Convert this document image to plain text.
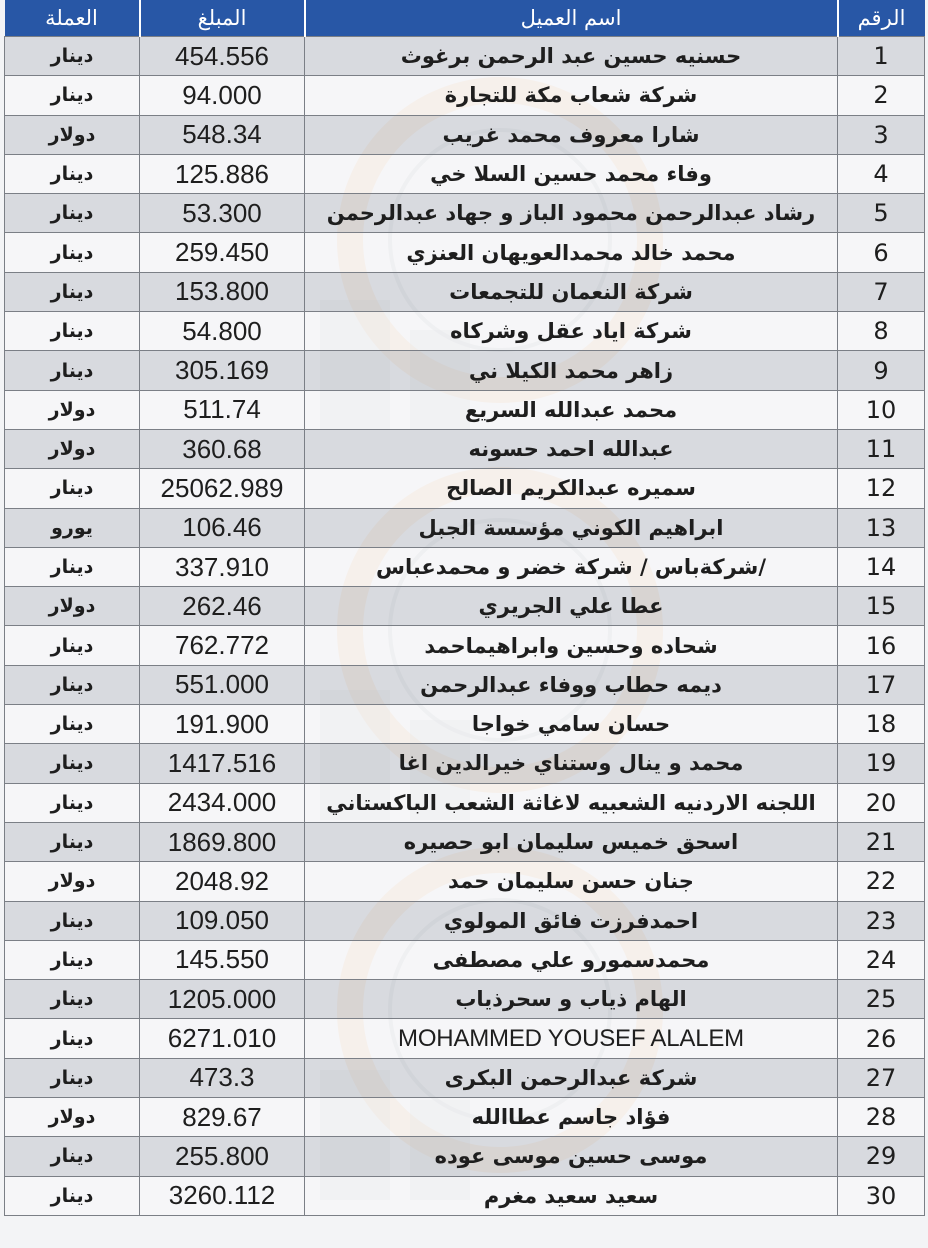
الرقم	اسم العميل	المبلغ	العملة
1	حسنيه حسين عبد الرحمن برغوث	454.556	دينار
2	شركة شعاب مكة للتجارة	94.000	دينار
3	شارا معروف محمد غريب	548.34	دولار
4	وفاء محمد حسين السلا خي	125.886	دينار
5	رشاد عبدالرحمن محمود الباز و جهاد عبدالرحمن	53.300	دينار
6	محمد خالد محمدالعويهان العنزي	259.450	دينار
7	شركة النعمان للتجمعات	153.800	دينار
8	شركة اياد عقل وشركاه	54.800	دينار
9	زاهر محمد الكيلا ني	305.169	دينار
10	محمد عبدالله السريع	511.74	دولار
11	عبدالله احمد حسونه	360.68	دولار
12	سميره عبدالكريم الصالح	25062.989	دينار
13	ابراهيم الكوني مؤسسة الجبل	106.46	يورو
14	/شركةباس / شركة خضر و محمدعباس	337.910	دينار
15	عطا علي الجريري	262.46	دولار
16	شحاده وحسين وابراهيماحمد	762.772	دينار
17	ديمه حطاب ووفاء عبدالرحمن	551.000	دينار
18	حسان سامي خواجا	191.900	دينار
19	محمد و ينال وستناي خيرالدين اغا	1417.516	دينار
20	اللجنه الاردنيه الشعبيه لاغاثة الشعب الباكستاني	2434.000	دينار
21	اسحق خميس سليمان ابو حصيره	1869.800	دينار
22	جنان حسن سليمان حمد	2048.92	دولار
23	احمدفرزت فائق المولوي	109.050	دينار
24	محمدسمورو علي مصطفى	145.550	دينار
25	الهام ذياب و سحرذياب	1205.000	دينار
26	MOHAMMED YOUSEF ALALEM	6271.010	دينار
27	شركة عبدالرحمن البكرى	473.3	دينار
28	فؤاد جاسم عطاالله	829.67	دولار
29	موسى حسين موسى عوده	255.800	دينار
30	سعيد سعيد مغرم	3260.112	دينار
